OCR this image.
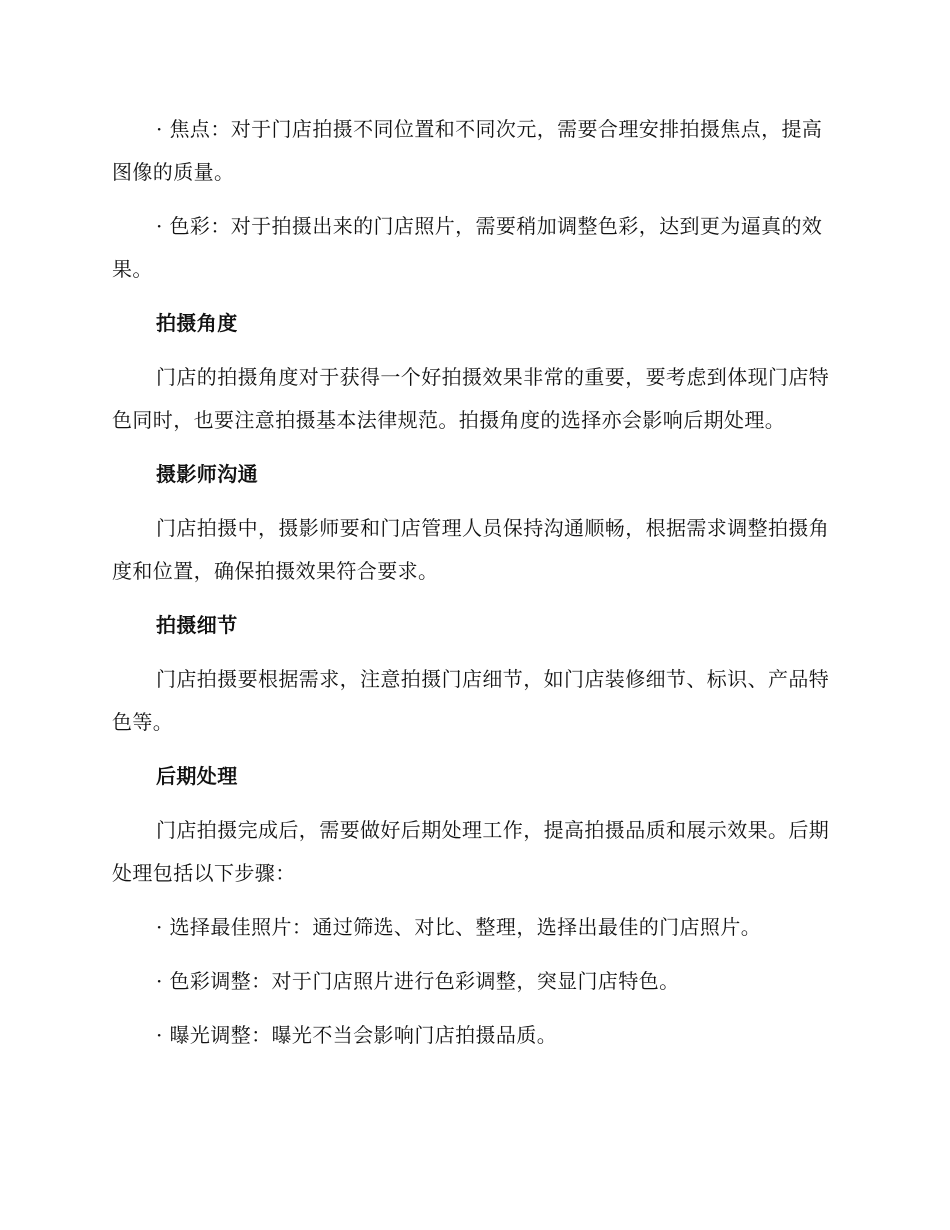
· 焦点：对于门店拍摄不同位置和不同次元，需要合理安排拍摄焦点，提高图像的质量。

· 色彩：对于拍摄出来的门店照片，需要稍加调整色彩，达到更为逼真的效果。

拍摄角度

门店的拍摄角度对于获得一个好拍摄效果非常的重要，要考虑到体现门店特色同时，也要注意拍摄基本法律规范。拍摄角度的选择亦会影响后期处理。

摄影师沟通

门店拍摄中，摄影师要和门店管理人员保持沟通顺畅，根据需求调整拍摄角度和位置，确保拍摄效果符合要求。

拍摄细节

门店拍摄要根据需求，注意拍摄门店细节，如门店装修细节、标识、产品特色等。

后期处理

门店拍摄完成后，需要做好后期处理工作，提高拍摄品质和展示效果。后期处理包括以下步骤：

· 选择最佳照片：通过筛选、对比、整理，选择出最佳的门店照片。

· 色彩调整：对于门店照片进行色彩调整，突显门店特色。

· 曝光调整：曝光不当会影响门店拍摄品质。
